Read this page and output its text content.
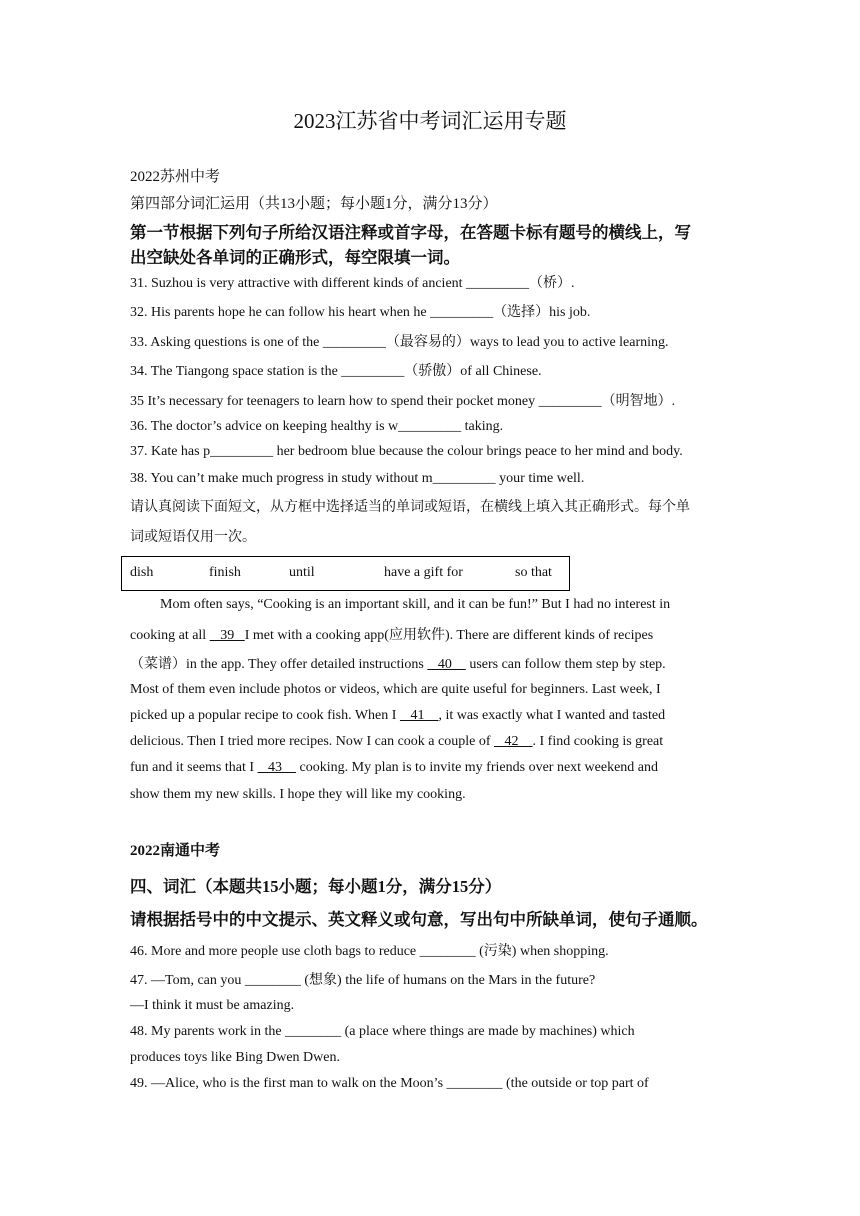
2023江苏省中考词汇运用专题
2022苏州中考
第四部分词汇运用（共13小题；每小题1分，满分13分）
第一节根据下列句子所给汉语注释或首字母，在答题卡标有题号的横线上，写
出空缺处各单词的正确形式，每空限填一词。
31. Suzhou is very attractive with different kinds of ancient _________（桥）.
32. His parents hope he can follow his heart when he _________（选择）his job.
33. Asking questions is one of the _________（最容易的）ways to lead you to active learning.
34. The Tiangong space station is the _________（骄傲）of all Chinese.
35 It’s necessary for teenagers to learn how to spend their pocket money _________（明智地）.
36. The doctor’s advice on keeping healthy is w_________ taking.
37. Kate has p_________ her bedroom blue because the colour brings peace to her mind and body.
38. You can’t make much progress in study without m_________ your time well.
请认真阅读下面短文，从方框中选择适当的单词或短语，在横线上填入其正确形式。每个单
词或短语仅用一次。
dish	finish	until	have a gift for	so that
Mom often says, “Cooking is an important skill, and it can be fun!” But I had no interest in
cooking at all    39   I met with a cooking app(应用软件). There are different kinds of recipes
（菜谱）in the app. They offer detailed instructions    40     users can follow them step by step.
Most of them even include photos or videos, which are quite useful for beginners. Last week, I
picked up a popular recipe to cook fish. When I    41    , it was exactly what I wanted and tasted
delicious. Then I tried more recipes. Now I can cook a couple of    42    . I find cooking is great
fun and it seems that I    43     cooking. My plan is to invite my friends over next weekend and
show them my new skills. I hope they will like my cooking.
2022南通中考
四、词汇（本题共15小题；每小题1分，满分15分）
请根据括号中的中文提示、英文释义或句意，写出句中所缺单词，使句子通顺。
46. More and more people use cloth bags to reduce ________ (污染) when shopping.
47. —Tom, can you ________ (想象) the life of humans on the Mars in the future?
—I think it must be amazing.
48. My parents work in the ________ (a place where things are made by machines) which
produces toys like Bing Dwen Dwen.
49. —Alice, who is the first man to walk on the Moon’s ________ (the outside or top part of
